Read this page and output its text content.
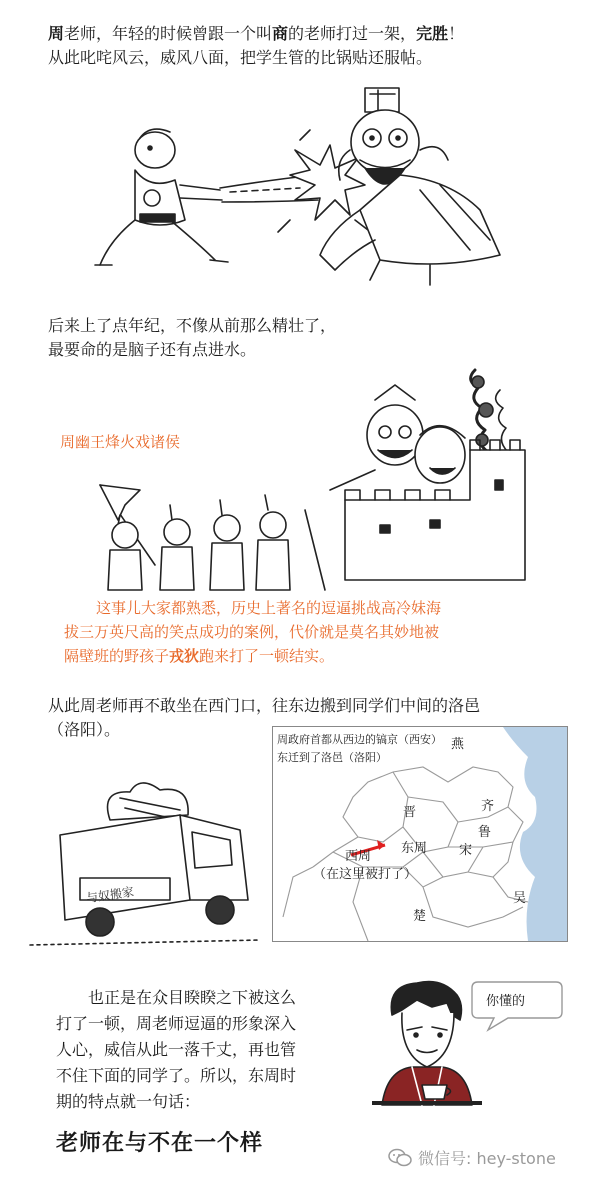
周老师，年轻的时候曾跟一个叫商的老师打过一架，完胜！
从此叱咤风云，威风八面，把学生管的比锅贴还服帖。
后来上了点年纪，不像从前那么精壮了，
最要命的是脑子还有点进水。
周幽王烽火戏诸侯
这事儿大家都熟悉，历史上著名的逗逼挑战高冷妹海
拔三万英尺高的笑点成功的案例，代价就是莫名其妙地被
隔壁班的野孩子戎狄跑来打了一顿结实。
从此周老师再不敢坐在西门口，往东边搬到同学们中间的洛邑
（洛阳）。
与奴搬家
周政府首都从西边的镐京（西安）
东迁到了洛邑（洛阳）
燕
晋	齐
鲁
宋
吴
楚
西周
东周
（在这里被打了）
也正是在众目睽睽之下被这么
打了一顿，周老师逗逼的形象深入
人心，威信从此一落千丈，再也管
不住下面的同学了。所以，东周时
期的特点就一句话：
你懂的
老师在与不在一个样
微信号: hey-stone
